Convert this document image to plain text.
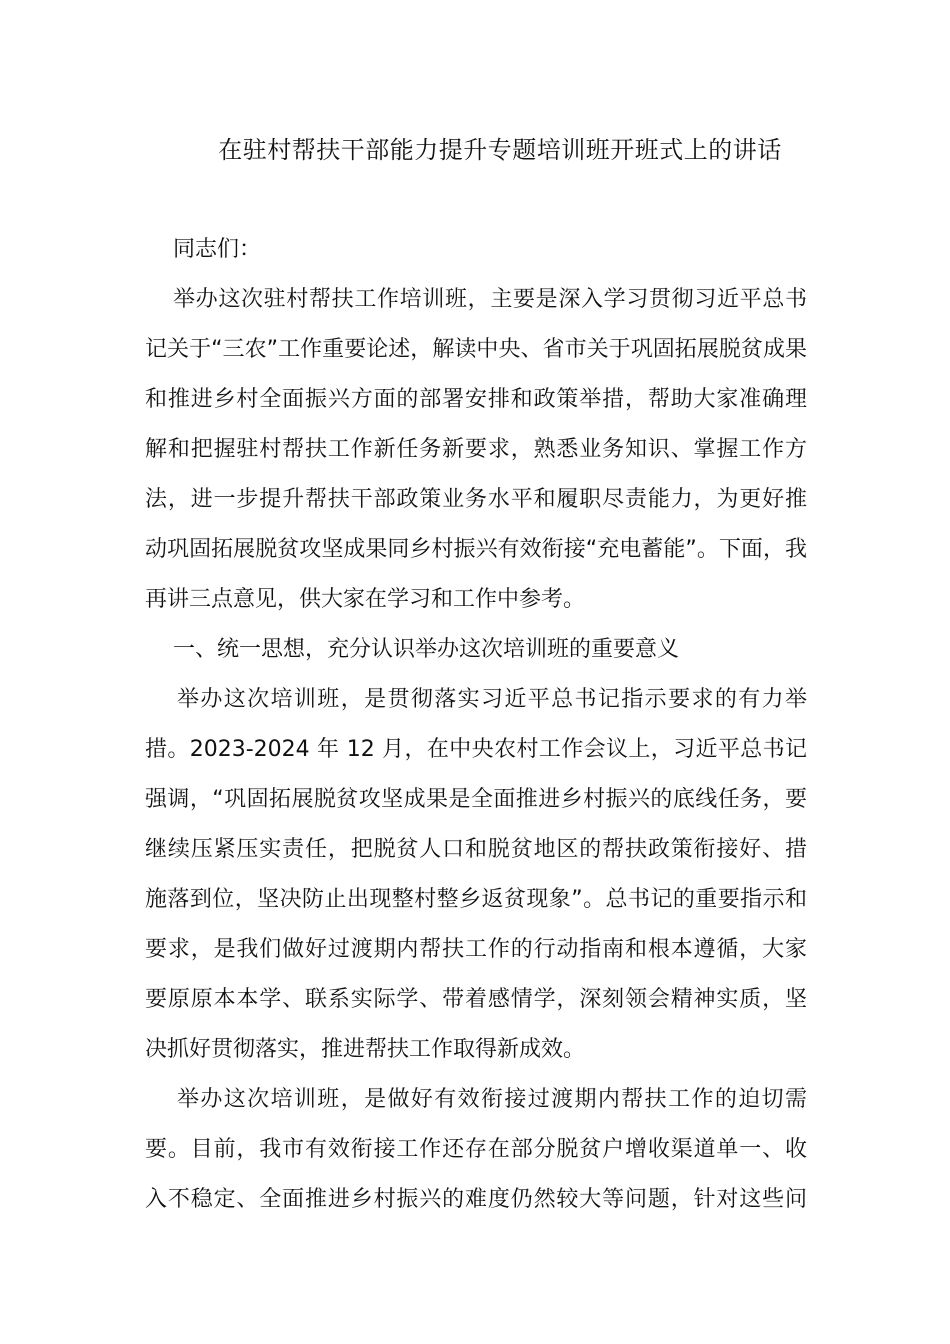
在驻村帮扶干部能力提升专题培训班开班式上的讲话
同志们：
举办这次驻村帮扶工作培训班，主要是深入学习贯彻习近平总书
记关于“三农”工作重要论述，解读中央、省市关于巩固拓展脱贫成果
和推进乡村全面振兴方面的部署安排和政策举措，帮助大家准确理
解和把握驻村帮扶工作新任务新要求，熟悉业务知识、掌握工作方
法，进一步提升帮扶干部政策业务水平和履职尽责能力，为更好推
动巩固拓展脱贫攻坚成果同乡村振兴有效衔接“充电蓄能”。下面，我
再讲三点意见，供大家在学习和工作中参考。
一、统一思想，充分认识举办这次培训班的重要意义
举办这次培训班，是贯彻落实习近平总书记指示要求的有力举
措。2023-2024 年 12 月，在中央农村工作会议上，习近平总书记
强调，“巩固拓展脱贫攻坚成果是全面推进乡村振兴的底线任务，要
继续压紧压实责任，把脱贫人口和脱贫地区的帮扶政策衔接好、措
施落到位，坚决防止出现整村整乡返贫现象”。总书记的重要指示和
要求，是我们做好过渡期内帮扶工作的行动指南和根本遵循，大家
要原原本本学、联系实际学、带着感情学，深刻领会精神实质，坚
决抓好贯彻落实，推进帮扶工作取得新成效。
举办这次培训班，是做好有效衔接过渡期内帮扶工作的迫切需
要。目前，我市有效衔接工作还存在部分脱贫户增收渠道单一、收
入不稳定、全面推进乡村振兴的难度仍然较大等问题，针对这些问
